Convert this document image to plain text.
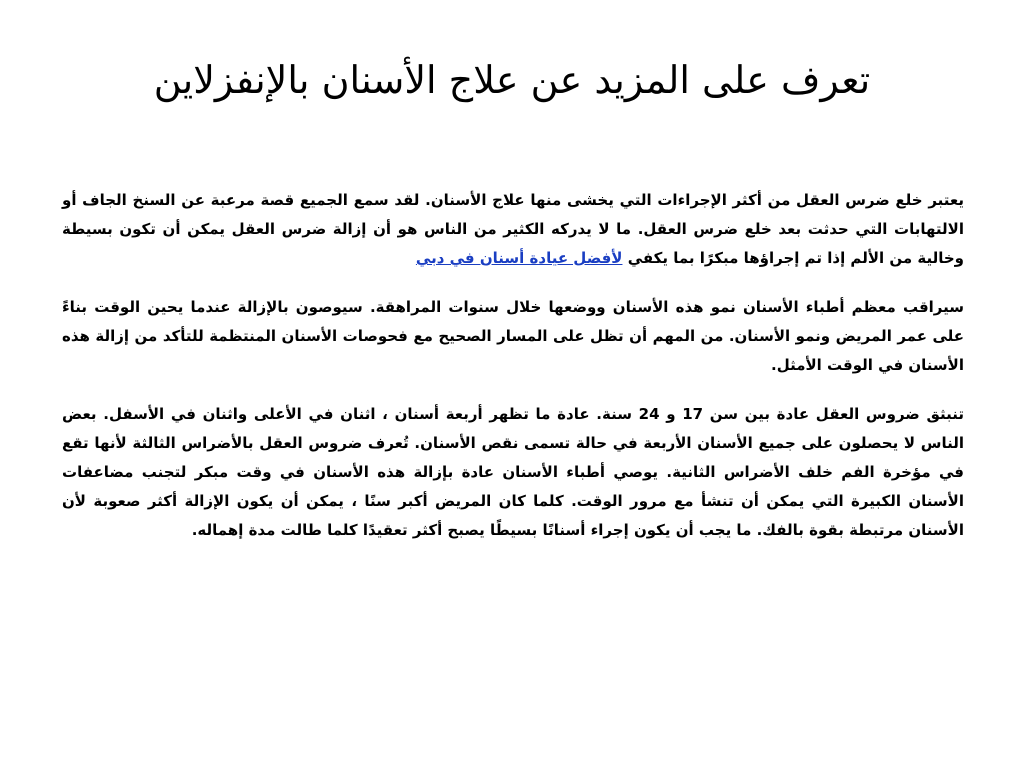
تعرف على المزيد عن علاج الأسنان بالإنفزلاين

يعتبر خلع ضرس العقل من أكثر الإجراءات التي يخشى منها علاج الأسنان. لقد سمع الجميع قصة مرعبة عن السنخ الجاف أو الالتهابات التي حدثت بعد خلع ضرس العقل. ما لا يدركه الكثير من الناس هو أن إزالة ضرس العقل يمكن أن تكون بسيطة وخالية من الألم إذا تم إجراؤها مبكرًا بما يكفي لأفضل عيادة أسنان في دبي

سيراقب معظم أطباء الأسنان نمو هذه الأسنان ووضعها خلال سنوات المراهقة. سيوصون بالإزالة عندما يحين الوقت بناءً على عمر المريض ونمو الأسنان. من المهم أن تظل على المسار الصحيح مع فحوصات الأسنان المنتظمة للتأكد من إزالة هذه الأسنان في الوقت الأمثل.

تنبثق ضروس العقل عادة بين سن 17 و 24 سنة. عادة ما تظهر أربعة أسنان ، اثنان في الأعلى واثنان في الأسفل. بعض الناس لا يحصلون على جميع الأسنان الأربعة في حالة تسمى نقص الأسنان. تُعرف ضروس العقل بالأضراس الثالثة لأنها تقع في مؤخرة الفم خلف الأضراس الثانية. يوصي أطباء الأسنان عادة بإزالة هذه الأسنان في وقت مبكر لتجنب مضاعفات الأسنان الكبيرة التي يمكن أن تنشأ مع مرور الوقت. كلما كان المريض أكبر سنًا ، يمكن أن يكون الإزالة أكثر صعوبة لأن الأسنان مرتبطة بقوة بالفك. ما يجب أن يكون إجراء أسنانًا بسيطًا يصبح أكثر تعقيدًا كلما طالت مدة إهماله.
